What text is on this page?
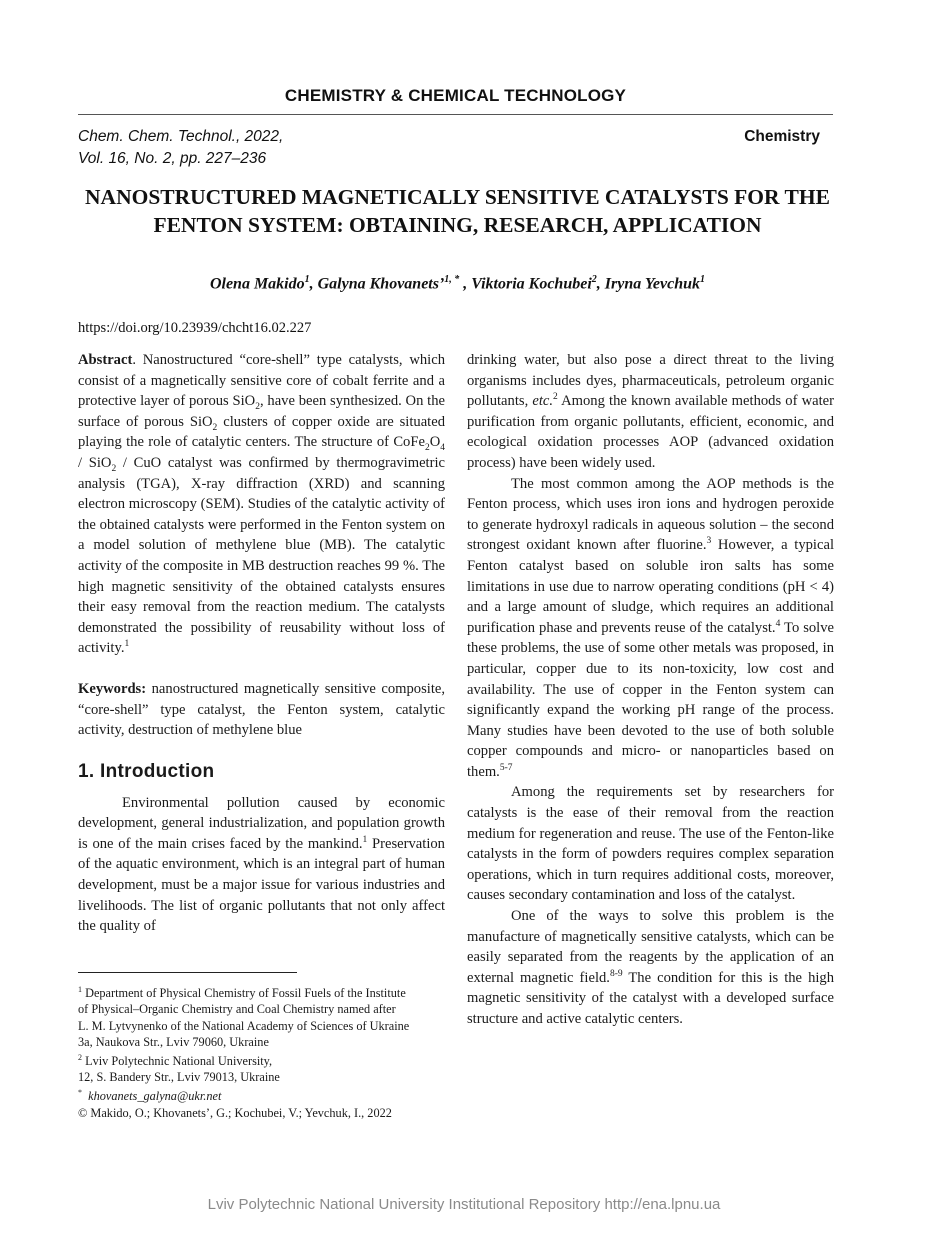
CHEMISTRY & CHEMICAL TECHNOLOGY
Chem. Chem. Technol., 2022,
Vol. 16, No. 2, pp. 227–236
Chemistry
NANOSTRUCTURED MAGNETICALLY SENSITIVE CATALYSTS FOR THE
FENTON SYSTEM: OBTAINING, RESEARCH, APPLICATION
Olena Makido$^1$, Galyna Khovanets’$^{1, *}$ , Viktoria Kochubei$^2$, Iryna Yevchuk$^1$
https://doi.org/10.23939/chcht16.02.227

Abstract. Nanostructured “core-shell” type catalysts, which consist of a magnetically sensitive core of cobalt ferrite and a protective layer of porous SiO$_2$, have been synthesized. On the surface of porous SiO$_2$ clusters of copper oxide are situated playing the role of catalytic centers. The structure of $CoFe_2O_4 / SiO_2$ / CuO catalyst was confirmed by thermogravimetric analysis (TGA), X-ray diffraction (XRD) and scanning electron microscopy (SEM). Studies of the catalytic activity of the obtained catalysts were performed in the Fenton system on a model solution of methylene blue (MB). The catalytic activity of the composite in MB destruction reaches 99 %. The high magnetic sensitivity of the obtained catalysts ensures their easy removal from the reaction medium. The catalysts demonstrated the possibility of reusability without loss of activity.$^1$

Keywords: nanostructured magnetically sensitive composite, “core-shell” type catalyst, the Fenton system, catalytic activity, destruction of methylene blue

1. Introduction

Environmental pollution caused by economic development, general industrialization, and population growth is one of the main crises faced by the mankind.$^1$ Preservation of the aquatic environment, which is an integral part of human development, must be a major issue for various industries and livelihoods. The list of organic pollutants that not only affect the quality of

$^1$ Department of Physical Chemistry of Fossil Fuels of the Institute
of Physical–Organic Chemistry and Coal Chemistry named after
L. M. Lytvynenko of the National Academy of Sciences of Ukraine
3a, Naukova Str., Lviv 79060, Ukraine
$^2$ Lviv Polytechnic National University,
12, S. Bandery Str., Lviv 79013, Ukraine
* khovanets_galyna@ukr.net
© Makido, O.; Khovanets’, G.; Kochubei, V.; Yevchuk, I., 2022

drinking water, but also pose a direct threat to the living organisms includes dyes, pharmaceuticals, petroleum organic pollutants, etc.$^2$ Among the known available methods of water purification from organic pollutants, efficient, economic, and ecological oxidation processes AOP (advanced oxidation process) have been widely used.

The most common among the AOP methods is the Fenton process, which uses iron ions and hydrogen peroxide to generate hydroxyl radicals in aqueous solution – the second strongest oxidant known after fluorine.$^3$ However, a typical Fenton catalyst based on soluble iron salts has some limitations in use due to narrow operating conditions (pH < 4) and a large amount of sludge, which requires an additional purification phase and prevents reuse of the catalyst.$^4$ To solve these problems, the use of some other metals was proposed, in particular, copper due to its non-toxicity, low cost and availability. The use of copper in the Fenton system can significantly expand the working pH range of the process. Many studies have been devoted to the use of both soluble copper compounds and micro- or nanoparticles based on them.$^{5-7}$

Among the requirements set by researchers for catalysts is the ease of their removal from the reaction medium for regeneration and reuse. The use of the Fenton-like catalysts in the form of powders requires complex separation operations, which in turn requires additional costs, moreover, causes secondary contamination and loss of the catalyst.

One of the ways to solve this problem is the manufacture of magnetically sensitive catalysts, which can be easily separated from the reagents by the application of an external magnetic field.$^{8-9}$ The condition for this is the high magnetic sensitivity of the catalyst with a developed surface structure and active catalytic centers.

Lviv Polytechnic National University Institutional Repository http://ena.lpnu.ua
